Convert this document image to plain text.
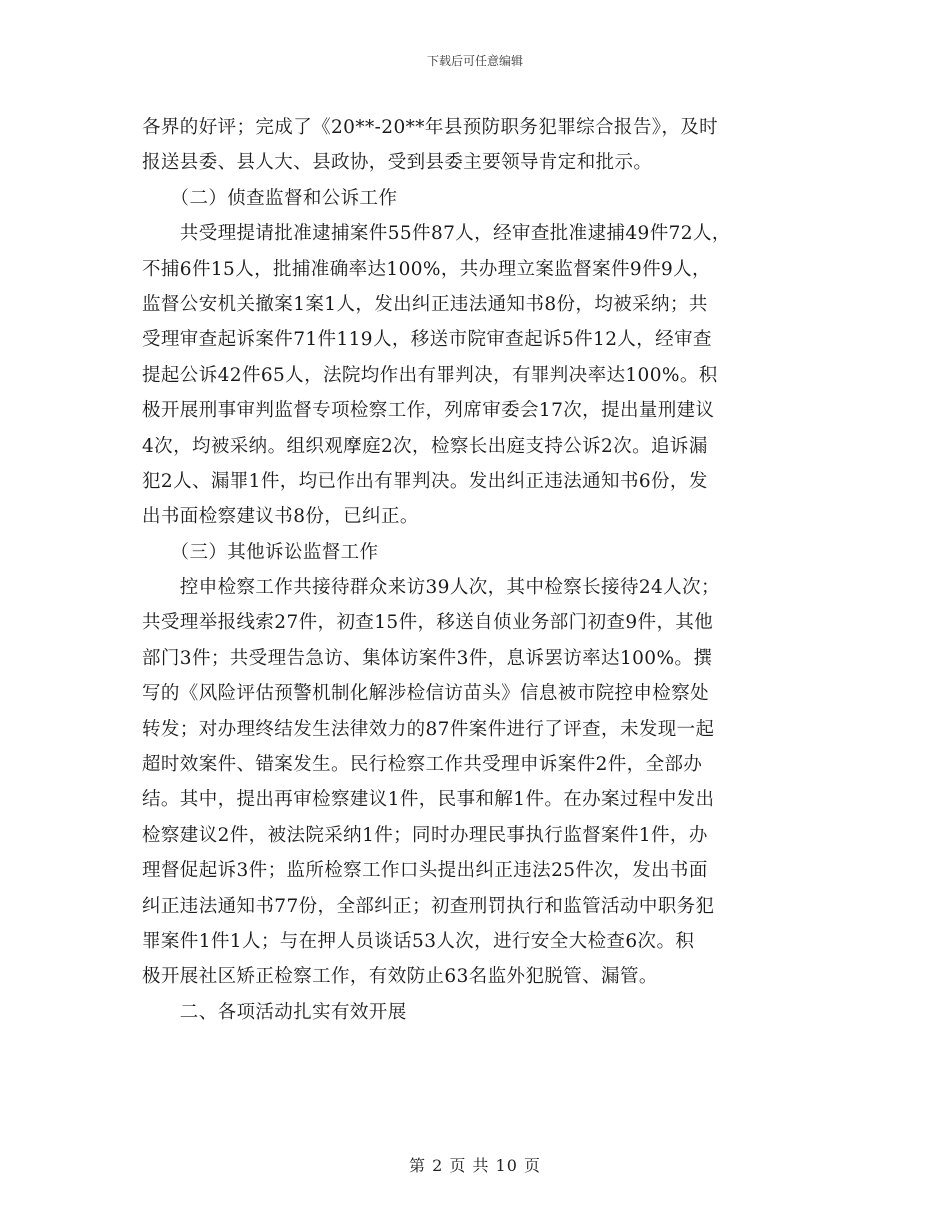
下载后可任意编辑
各界的好评；完成了《20**-20**年县预防职务犯罪综合报告》，及时
报送县委、县人大、县政协，受到县委主要领导肯定和批示。
　　（二）侦查监督和公诉工作
　　共受理提请批准逮捕案件55件87人，经审查批准逮捕49件72人，
不捕6件15人，批捕准确率达100%，共办理立案监督案件9件9人，
监督公安机关撤案1案1人，发出纠正违法通知书8份，均被采纳；共
受理审查起诉案件71件119人，移送市院审查起诉5件12人，经审查
提起公诉42件65人，法院均作出有罪判决，有罪判决率达100%。积
极开展刑事审判监督专项检察工作，列席审委会17次，提出量刑建议
4次，均被采纳。组织观摩庭2次，检察长出庭支持公诉2次。追诉漏
犯2人、漏罪1件，均已作出有罪判决。发出纠正违法通知书6份，发
出书面检察建议书8份，已纠正。
　　（三）其他诉讼监督工作
　　控申检察工作共接待群众来访39人次，其中检察长接待24人次；
共受理举报线索27件，初查15件，移送自侦业务部门初查9件，其他
部门3件；共受理告急访、集体访案件3件，息诉罢访率达100%。撰
写的《风险评估预警机制化解涉检信访苗头》信息被市院控申检察处
转发；对办理终结发生法律效力的87件案件进行了评查，未发现一起
超时效案件、错案发生。民行检察工作共受理申诉案件2件，全部办
结。其中，提出再审检察建议1件，民事和解1件。在办案过程中发出
检察建议2件，被法院采纳1件；同时办理民事执行监督案件1件，办
理督促起诉3件；监所检察工作口头提出纠正违法25件次，发出书面
纠正违法通知书77份，全部纠正；初查刑罚执行和监管活动中职务犯
罪案件1件1人；与在押人员谈话53人次，进行安全大检查6次。积
极开展社区矫正检察工作，有效防止63名监外犯脱管、漏管。
　　二、各项活动扎实有效开展
第 2 页 共 10 页
